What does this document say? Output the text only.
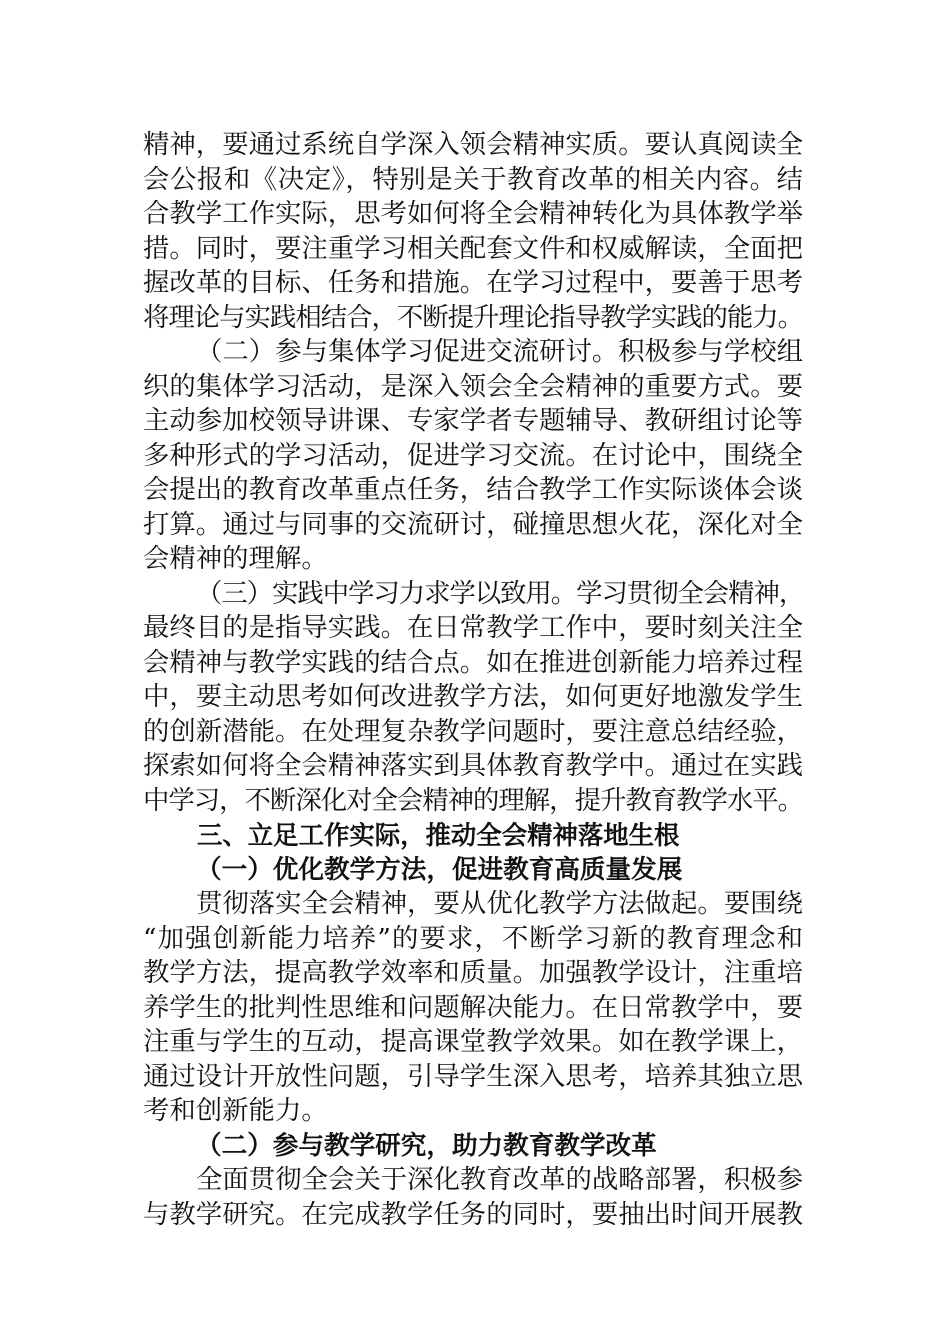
精神，要通过系统自学深入领会精神实质。要认真阅读全
会公报和《决定》，特别是关于教育改革的相关内容。结
合教学工作实际，思考如何将全会精神转化为具体教学举
措。同时，要注重学习相关配套文件和权威解读，全面把
握改革的目标、任务和措施。在学习过程中，要善于思考
将理论与实践相结合，不断提升理论指导教学实践的能力。
（二）参与集体学习促进交流研讨。积极参与学校组
织的集体学习活动，是深入领会全会精神的重要方式。要
主动参加校领导讲课、专家学者专题辅导、教研组讨论等
多种形式的学习活动，促进学习交流。在讨论中，围绕全
会提出的教育改革重点任务，结合教学工作实际谈体会谈
打算。通过与同事的交流研讨，碰撞思想火花，深化对全
会精神的理解。
（三）实践中学习力求学以致用。学习贯彻全会精神，
最终目的是指导实践。在日常教学工作中，要时刻关注全
会精神与教学实践的结合点。如在推进创新能力培养过程
中，要主动思考如何改进教学方法，如何更好地激发学生
的创新潜能。在处理复杂教学问题时，要注意总结经验，
探索如何将全会精神落实到具体教育教学中。通过在实践
中学习，不断深化对全会精神的理解，提升教育教学水平。
三、立足工作实际，推动全会精神落地生根
（一）优化教学方法，促进教育高质量发展
贯彻落实全会精神，要从优化教学方法做起。要围绕
“加强创新能力培养”的要求，不断学习新的教育理念和
教学方法，提高教学效率和质量。加强教学设计，注重培
养学生的批判性思维和问题解决能力。在日常教学中，要
注重与学生的互动，提高课堂教学效果。如在教学课上，
通过设计开放性问题，引导学生深入思考，培养其独立思
考和创新能力。
（二）参与教学研究，助力教育教学改革
全面贯彻全会关于深化教育改革的战略部署，积极参
与教学研究。在完成教学任务的同时，要抽出时间开展教
